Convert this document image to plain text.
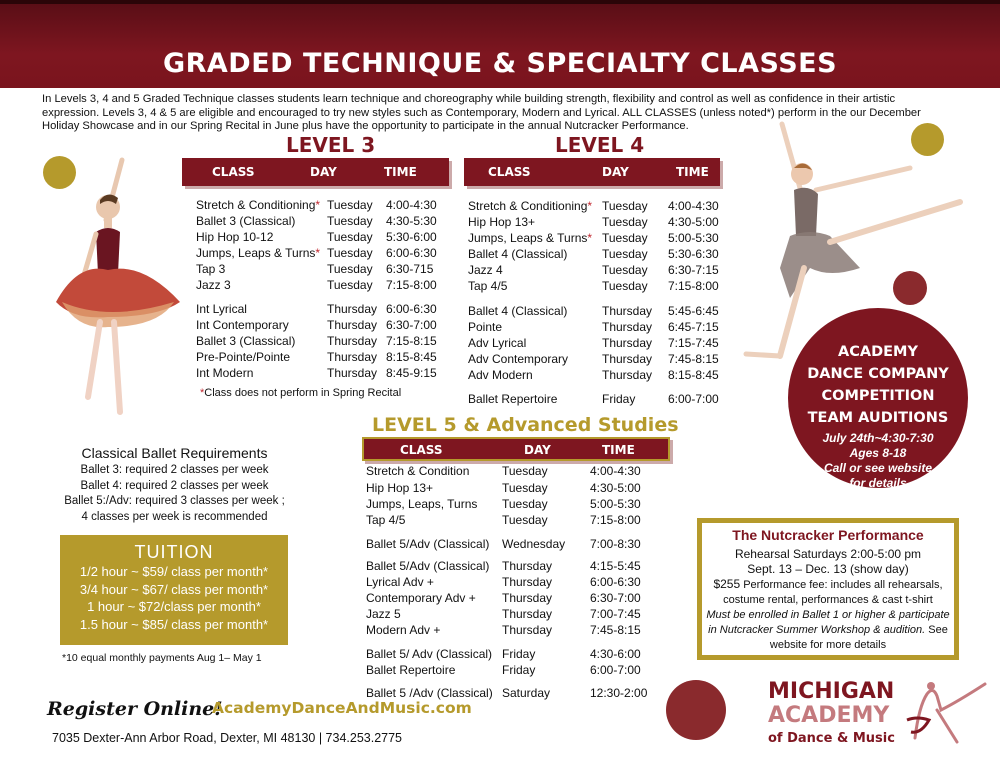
GRADED TECHNIQUE & SPECIALTY CLASSES
In Levels 3, 4 and 5 Graded Technique classes students learn technique and choreography while building strength, flexibility and control as well as confidence in their artistic expression. Levels 3, 4 & 5 are eligible and encouraged to try new styles such as Contemporary, Modern and Lyrical. ALL CLASSES (unless noted*) perform in the our December Holiday Showcase and in our Spring Recital in June plus have the opportunity to participate in the annual Nutcracker Performance.
LEVEL 3
CLASS	DAY	TIME
Stretch & Conditioning* Tuesday 4:00-4:30
Ballet 3 (Classical)	Tuesday 4:30-5:30
Hip Hop 10-12	Tuesday 5:30-6:00
Jumps, Leaps & Turns* Tuesday 6:00-6:30
Tap 3	Tuesday 6:30-715
Jazz 3	Tuesday 7:15-8:00
Int Lyrical	Thursday 6:00-6:30
Int Contemporary	Thursday 6:30-7:00
Ballet 3 (Classical)	Thursday 7:15-8:15
Pre-Pointe/Pointe	Thursday 8:15-8:45
Int Modern	Thursday 8:45-9:15
*Class does not perform in Spring Recital
LEVEL 4
CLASS	DAY	TIME
Stretch & Conditioning* Tuesday 4:00-4:30
Hip Hop 13+	Tuesday 4:30-5:00
Jumps, Leaps & Turns* Tuesday 5:00-5:30
Ballet 4 (Classical)	Tuesday 5:30-6:30
Jazz 4	Tuesday 6:30-7:15
Tap 4/5	Tuesday 7:15-8:00
Ballet 4 (Classical)	Thursday 5:45-6:45
Pointe	Thursday 6:45-7:15
Adv Lyrical	Thursday 7:15-7:45
Adv Contemporary	Thursday 7:45-8:15
Adv Modern	Thursday 8:15-8:45
Ballet Repertoire	Friday	6:00-7:00
LEVEL 5 & Advanced Studies
CLASS	DAY	TIME
Stretch & Condition	Tuesday	4:00-4:30
Hip Hop 13+	Tuesday	4:30-5:00
Jumps, Leaps, Turns Tuesday	5:00-5:30
Tap 4/5	Tuesday	7:15-8:00
Ballet 5/Adv (Classical) Wednesday 7:00-8:30
Ballet 5/Adv (Classical) Thursday	4:15-5:45
Lyrical Adv +	Thursday	6:00-6:30
Contemporary Adv + Thursday	6:30-7:00
Jazz 5	Thursday	7:00-7:45
Modern Adv +	Thursday	7:45-8:15
Ballet 5/ Adv (Classical) Friday	4:30-6:00
Ballet Repertoire	Friday	6:00-7:00
Ballet 5 /Adv (Classical) Saturday	12:30-2:00
Classical Ballet Requirements
Ballet 3: required 2 classes per week
Ballet 4: required 2 classes per week
Ballet 5:/Adv: required 3 classes per week ;
4 classes per week is recommended
TUITION
1/2 hour ~ $59/ class per month*
3/4 hour ~ $67/ class per month*
1 hour ~ $72/class per month*
1.5 hour ~ $85/ class per month*
*10 equal monthly payments Aug 1– May 1
ACADEMY
DANCE COMPANY
COMPETITION
TEAM AUDITIONS
July 24th~4:30-7:30
Ages 8-18
Call or see website
for details
The Nutcracker Performance
Rehearsal Saturdays 2:00-5:00 pm
Sept. 13 – Dec. 13 (show day)
$255 Performance fee: includes all rehearsals, costume rental, performances & cast t-shirt
Must be enrolled in Ballet 1 or higher & participate in Nutcracker Summer Workshop & audition. See website for more details
Register Online!
AcademyDanceAndMusic.com
7035 Dexter-Ann Arbor Road, Dexter, MI 48130 | 734.253.2775
MICHIGAN
ACADEMY
of Dance & Music
